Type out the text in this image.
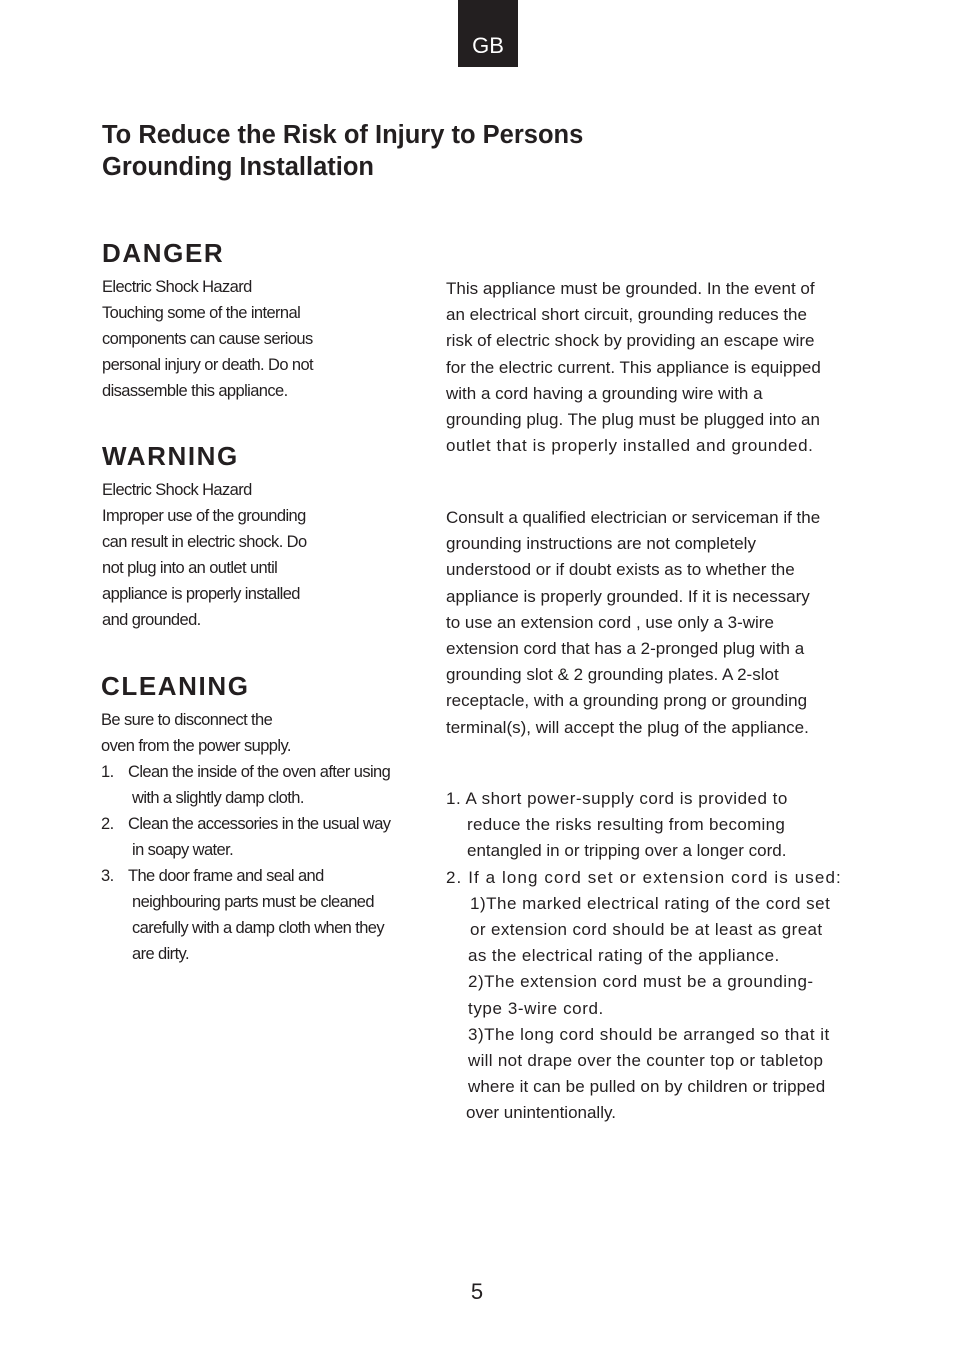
GB
To Reduce the Risk of Injury to Persons
Grounding Installation
DANGER
Electric Shock Hazard
Touching some of the internal
components can cause serious
personal injury or death. Do not
disassemble this appliance.
WARNING
Electric Shock Hazard
Improper use of the grounding
can result in electric shock. Do
not plug into an outlet until
appliance is properly installed
and grounded.
CLEANING
Be sure to disconnect the
oven from the power supply.
1. Clean the inside of the oven after using
with a slightly damp cloth.
2. Clean the accessories in the usual way
in soapy water.
3. The door frame and seal and
neighbouring parts must be cleaned
carefully with a damp cloth when they
are dirty.
This appliance must be grounded. In the event of
an electrical short circuit, grounding reduces the
risk of electric shock by providing an escape wire
for the electric current. This appliance is equipped
with a cord having a grounding wire with a
grounding plug. The plug must be plugged into an
outlet that is properly installed and grounded.
Consult a qualified electrician or serviceman if the
grounding instructions are not completely
understood or if doubt exists as to whether the
appliance is properly grounded. If it is necessary
to use an extension cord , use only a 3-wire
extension cord that has a 2-pronged plug with a
grounding slot & 2 grounding plates. A 2-slot
receptacle, with a grounding prong or grounding
terminal(s), will accept the plug of the appliance.
1. A short power-supply cord is provided to
reduce the risks resulting from becoming
entangled in or tripping over a longer cord.
2. If a long cord set or extension cord is used:
1)The marked electrical rating of the cord set
or extension cord should be at least as great
as the electrical rating of the appliance.
2)The extension cord must be a grounding-
type 3-wire cord.
3)The long cord should be arranged so that it
will not drape over the counter top or tabletop
where it can be pulled on by children or tripped
over unintentionally.
5
